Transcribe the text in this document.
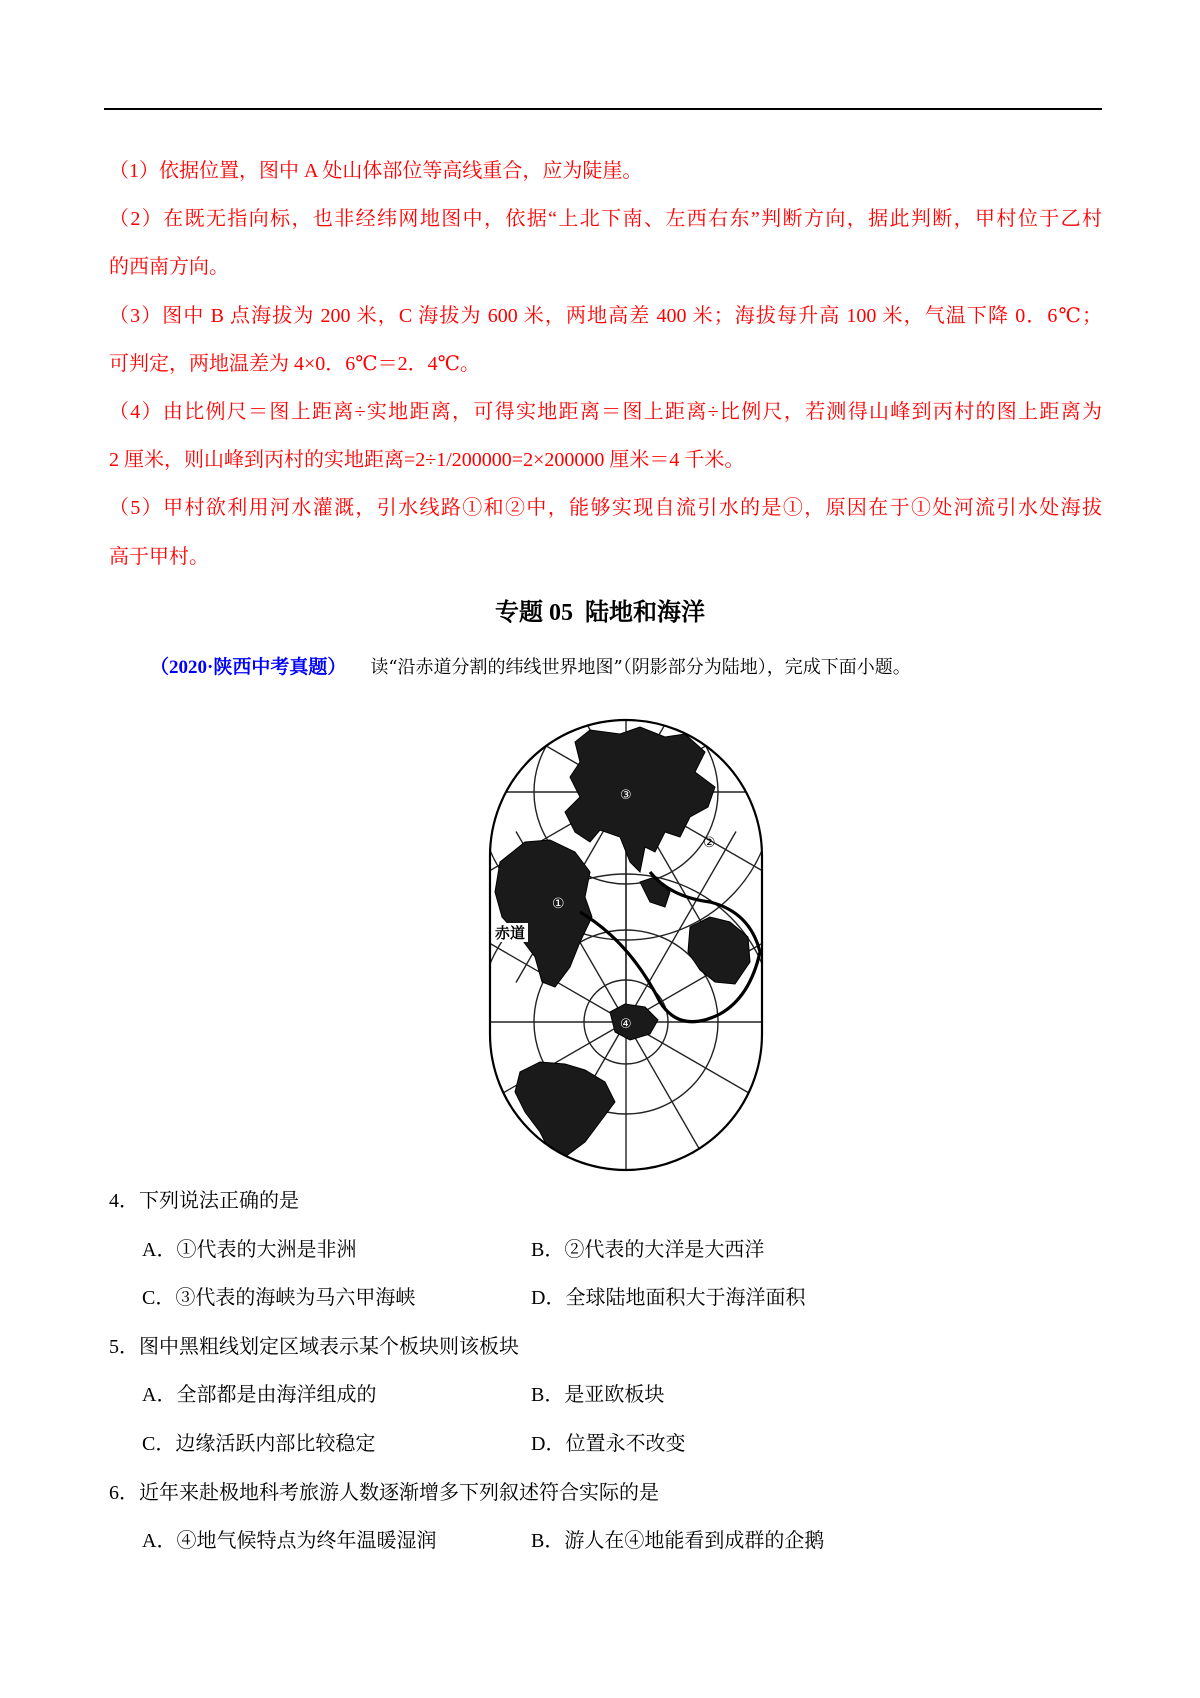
（1）依据位置，图中 A 处山体部位等高线重合，应为陡崖。
（2）在既无指向标，也非经纬网地图中，依据“上北下南、左西右东”判断方向，据此判断，甲村位于乙村
的西南方向。
（3）图中 B 点海拔为 200 米，C 海拔为 600 米，两地高差 400 米；海拔每升高 100 米，气温下降 0．6℃；
可判定，两地温差为 4×0．6℃＝2．4℃。
（4）由比例尺＝图上距离÷实地距离，可得实地距离＝图上距离÷比例尺，若测得山峰到丙村的图上距离为
2 厘米，则山峰到丙村的实地距离=2÷1/200000=2×200000 厘米＝4 千米。
（5）甲村欲利用河水灌溉，引水线路①和②中，能够实现自流引水的是①，原因在于①处河流引水处海拔
高于甲村。
专题 05  陆地和海洋
（2020·陕西中考真题） 读“沿赤道分割的纬线世界地图”（阴影部分为陆地），完成下面小题。
赤道
①
②
③
④
4．下列说法正确的是
A．①代表的大洲是非洲	B．②代表的大洋是大西洋
C．③代表的海峡为马六甲海峡	D．全球陆地面积大于海洋面积
5．图中黑粗线划定区域表示某个板块则该板块
A．全部都是由海洋组成的	B．是亚欧板块
C．边缘活跃内部比较稳定	D．位置永不改变
6．近年来赴极地科考旅游人数逐渐增多下列叙述符合实际的是
A．④地气候特点为终年温暖湿润	B．游人在④地能看到成群的企鹅
